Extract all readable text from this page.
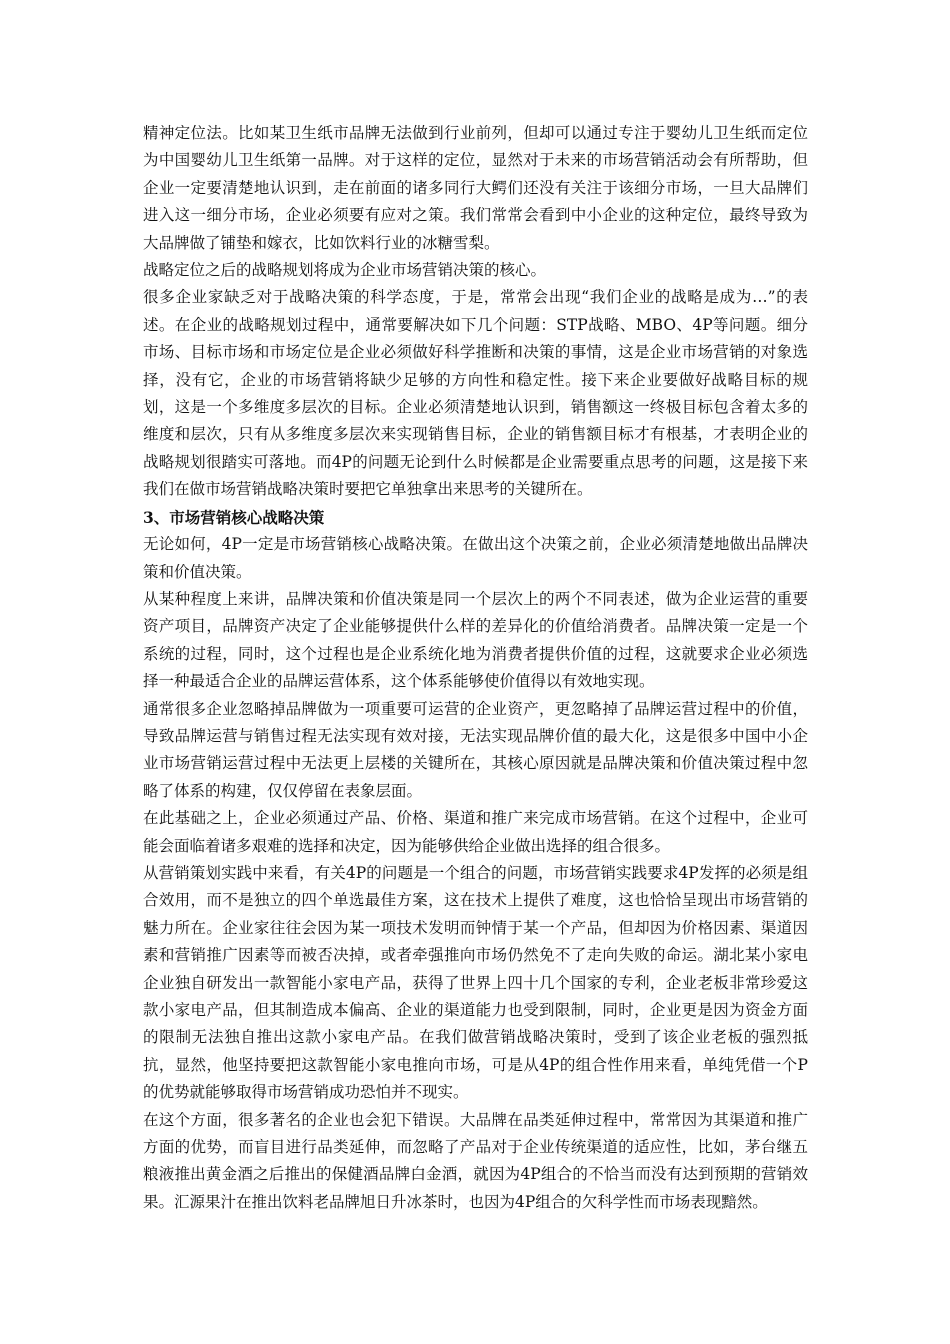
精神定位法。比如某卫生纸市品牌无法做到行业前列，但却可以通过专注于婴幼儿卫生纸而定位为中国婴幼儿卫生纸第一品牌。对于这样的定位，显然对于未来的市场营销活动会有所帮助，但企业一定要清楚地认识到，走在前面的诸多同行大鳄们还没有关注于该细分市场，一旦大品牌们进入这一细分市场，企业必须要有应对之策。我们常常会看到中小企业的这种定位，最终导致为大品牌做了铺垫和嫁衣，比如饮料行业的冰糖雪梨。

战略定位之后的战略规划将成为企业市场营销决策的核心。

很多企业家缺乏对于战略决策的科学态度，于是，常常会出现“我们企业的战略是成为…”的表述。在企业的战略规划过程中，通常要解决如下几个问题：STP战略、MBO、4P等问题。细分市场、目标市场和市场定位是企业必须做好科学推断和决策的事情，这是企业市场营销的对象选择，没有它，企业的市场营销将缺少足够的方向性和稳定性。接下来企业要做好战略目标的规划，这是一个多维度多层次的目标。企业必须清楚地认识到，销售额这一终极目标包含着太多的维度和层次，只有从多维度多层次来实现销售目标，企业的销售额目标才有根基，才表明企业的战略规划很踏实可落地。而4P的问题无论到什么时候都是企业需要重点思考的问题，这是接下来我们在做市场营销战略决策时要把它单独拿出来思考的关键所在。

3、市场营销核心战略决策

无论如何，4P一定是市场营销核心战略决策。在做出这个决策之前，企业必须清楚地做出品牌决策和价值决策。

从某种程度上来讲，品牌决策和价值决策是同一个层次上的两个不同表述，做为企业运营的重要资产项目，品牌资产决定了企业能够提供什么样的差异化的价值给消费者。品牌决策一定是一个系统的过程，同时，这个过程也是企业系统化地为消费者提供价值的过程，这就要求企业必须选择一种最适合企业的品牌运营体系，这个体系能够使价值得以有效地实现。

通常很多企业忽略掉品牌做为一项重要可运营的企业资产，更忽略掉了品牌运营过程中的价值，导致品牌运营与销售过程无法实现有效对接，无法实现品牌价值的最大化，这是很多中国中小企业市场营销运营过程中无法更上层楼的关键所在，其核心原因就是品牌决策和价值决策过程中忽略了体系的构建，仅仅停留在表象层面。

在此基础之上，企业必须通过产品、价格、渠道和推广来完成市场营销。在这个过程中，企业可能会面临着诸多艰难的选择和决定，因为能够供给企业做出选择的组合很多。

从营销策划实践中来看，有关4P的问题是一个组合的问题，市场营销实践要求4P发挥的必须是组合效用，而不是独立的四个单选最佳方案，这在技术上提供了难度，这也恰恰呈现出市场营销的魅力所在。企业家往往会因为某一项技术发明而钟情于某一个产品，但却因为价格因素、渠道因素和营销推广因素等而被否决掉，或者牵强推向市场仍然免不了走向失败的命运。湖北某小家电企业独自研发出一款智能小家电产品，获得了世界上四十几个国家的专利，企业老板非常珍爱这款小家电产品，但其制造成本偏高、企业的渠道能力也受到限制，同时，企业更是因为资金方面的限制无法独自推出这款小家电产品。在我们做营销战略决策时，受到了该企业老板的强烈抵抗，显然，他坚持要把这款智能小家电推向市场，可是从4P的组合性作用来看，单纯凭借一个P的优势就能够取得市场营销成功恐怕并不现实。

在这个方面，很多著名的企业也会犯下错误。大品牌在品类延伸过程中，常常因为其渠道和推广方面的优势，而盲目进行品类延伸，而忽略了产品对于企业传统渠道的适应性，比如，茅台继五粮液推出黄金酒之后推出的保健酒品牌白金酒，就因为4P组合的不恰当而没有达到预期的营销效果。汇源果汁在推出饮料老品牌旭日升冰茶时，也因为4P组合的欠科学性而市场表现黯然。
